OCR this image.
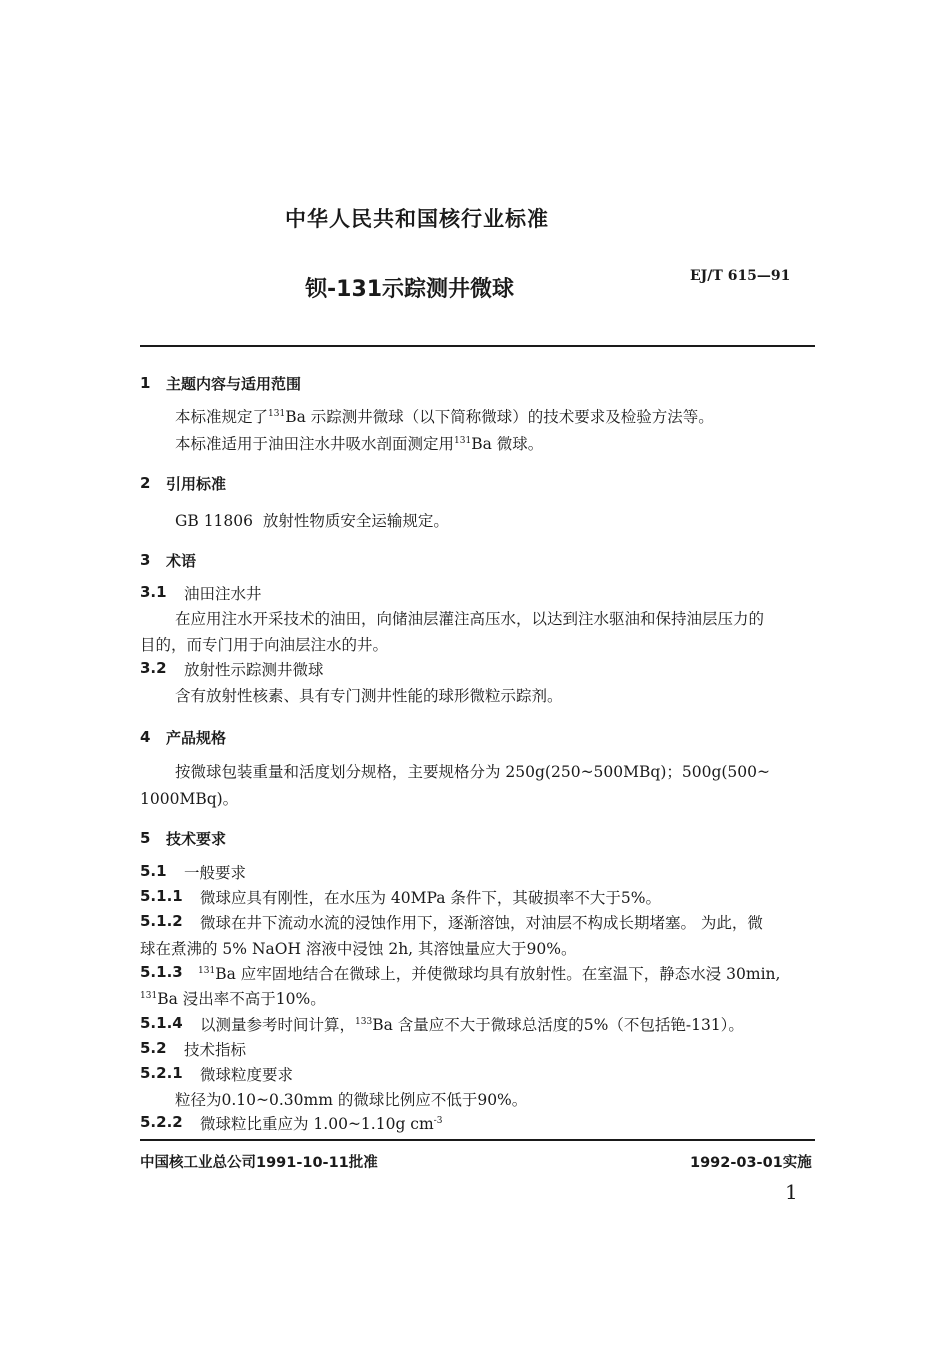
中华人民共和国核行业标准
钡-131示踪测井微球
EJ/T 615—91
1 主题内容与适用范围
本标准规定了$^{131}$Ba 示踪测井微球（以下简称微球）的技术要求及检验方法等。
本标准适用于油田注水井吸水剖面测定用$^{131}$Ba 微球。
2 引用标准
GB 11806 放射性物质安全运输规定。
3 术语
3.1 油田注水井
在应用注水开采技术的油田，向储油层灌注高压水，以达到注水驱油和保持油层压力的
目的，而专门用于向油层注水的井。
3.2 放射性示踪测井微球
含有放射性核素、具有专门测井性能的球形微粒示踪剂。
4 产品规格
按微球包装重量和活度划分规格，主要规格分为 250g(250~500MBq)；500g(500~
1000MBq)。
5 技术要求
5.1 一般要求
5.1.1 微球应具有刚性，在水压为 40MPa 条件下，其破损率不大于5%。
5.1.2 微球在井下流动水流的浸蚀作用下，逐渐溶蚀，对油层不构成长期堵塞。 为此，微
球在煮沸的 5% NaOH 溶液中浸蚀 2h, 其溶蚀量应大于90%。
5.1.3 $^{131}$Ba 应牢固地结合在微球上，并使微球均具有放射性。在室温下，静态水浸 30min,
$^{131}$Ba 浸出率不高于10%。
5.1.4 以测量参考时间计算，$^{133}$Ba 含量应不大于微球总活度的5%（不包括铯-131）。
5.2 技术指标
5.2.1 微球粒度要求
粒径为0.10~0.30mm 的微球比例应不低于90%。
5.2.2 微球粒比重应为 1.00~1.10g $cm^{-3}$
中国核工业总公司1991-10-11批准	1992-03-01实施
1
